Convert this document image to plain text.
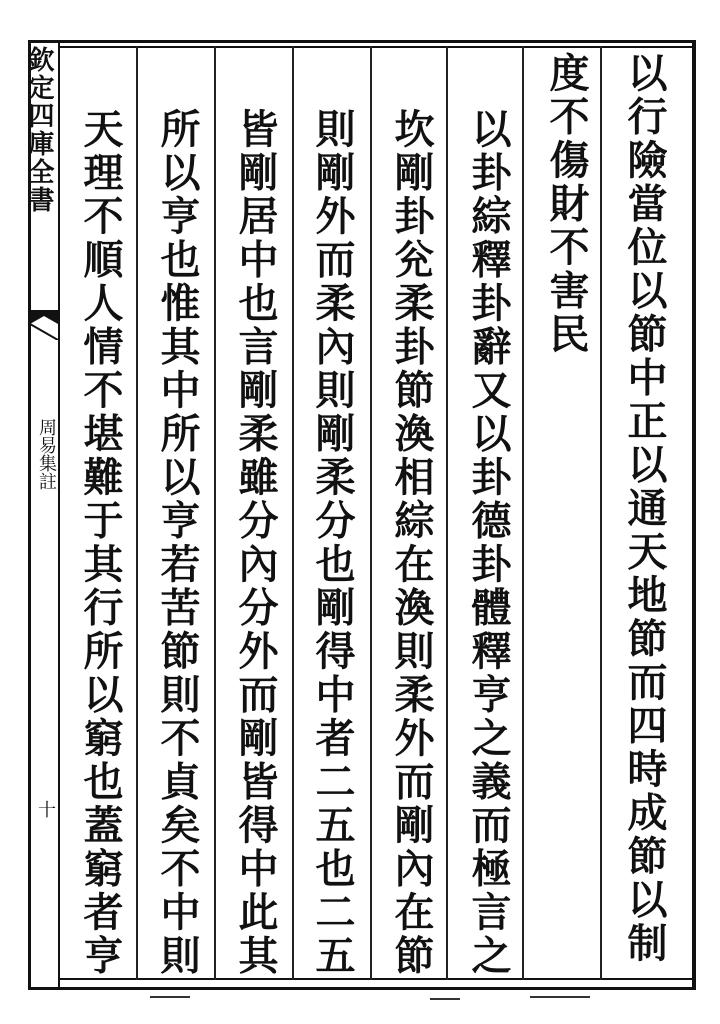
欽定四庫全書
周易集註
十	以行險當位以節中正以通天地節而四時成節以制
度不傷財不害民
以卦綜釋卦辭又以卦德卦體釋亨之義而極言之
坎剛卦兊柔卦節渙相綜在渙則柔外而剛內在節
則剛外而柔內則剛柔分也剛得中者二五也二五
皆剛居中也言剛柔雖分內分外而剛皆得中此其
所以亨也惟其中所以亨若苦節則不貞矣不中則
天理不順人情不堪難于其行所以窮也蓋窮者亨
